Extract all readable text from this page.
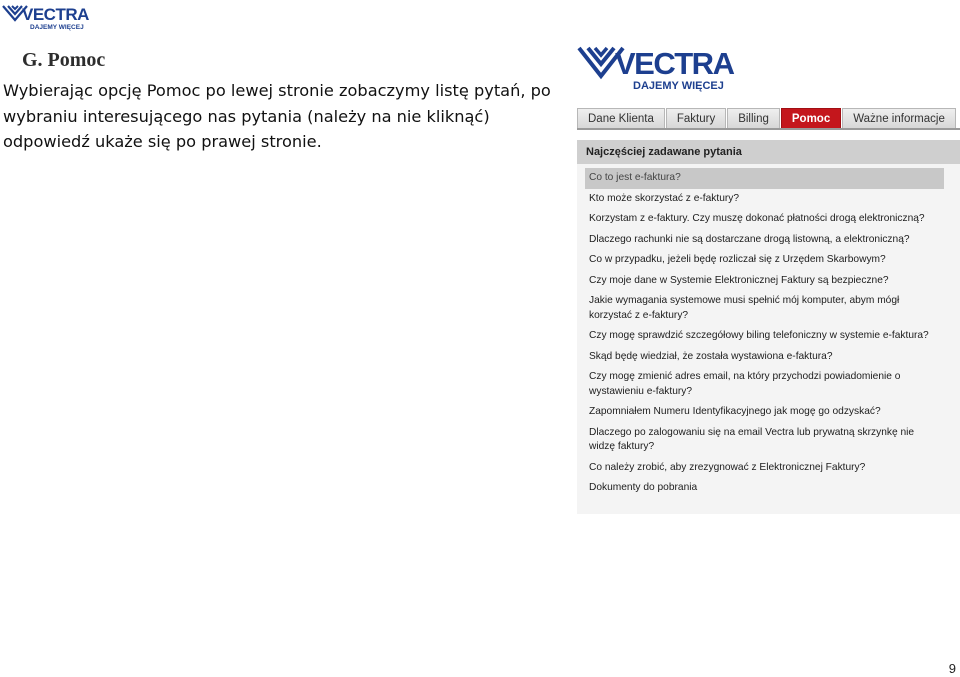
VECTRA
DAJEMY WIĘCEJ
G. Pomoc
Wybierając opcję Pomoc po lewej stronie zobaczymy listę pytań, po wybraniu interesującego nas pytania (należy na nie kliknąć) odpowiedź ukaże się po prawej stronie.
VECTRA
DAJEMY WIĘCEJ
Dane Klienta	Faktury	Billing	Pomoc	Ważne informacje
Najczęściej zadawane pytania
Co to jest e-faktura?
Kto może skorzystać z e-faktury?
Korzystam z e-faktury. Czy muszę dokonać płatności drogą elektroniczną?
Dlaczego rachunki nie są dostarczane drogą listowną, a elektroniczną?
Co w przypadku, jeżeli będę rozliczał się z Urzędem Skarbowym?
Czy moje dane w Systemie Elektronicznej Faktury są bezpieczne?
Jakie wymagania systemowe musi spełnić mój komputer, abym mógł korzystać z e-faktury?
Czy mogę sprawdzić szczegółowy biling telefoniczny w systemie e-faktura?
Skąd będę wiedział, że została wystawiona e-faktura?
Czy mogę zmienić adres email, na który przychodzi powiadomienie o wystawieniu e-faktury?
Zapomniałem Numeru Identyfikacyjnego jak mogę go odzyskać?
Dlaczego po zalogowaniu się na email Vectra lub prywatną skrzynkę nie widzę faktury?
Co należy zrobić, aby zrezygnować z Elektronicznej Faktury?
Dokumenty do pobrania
9
